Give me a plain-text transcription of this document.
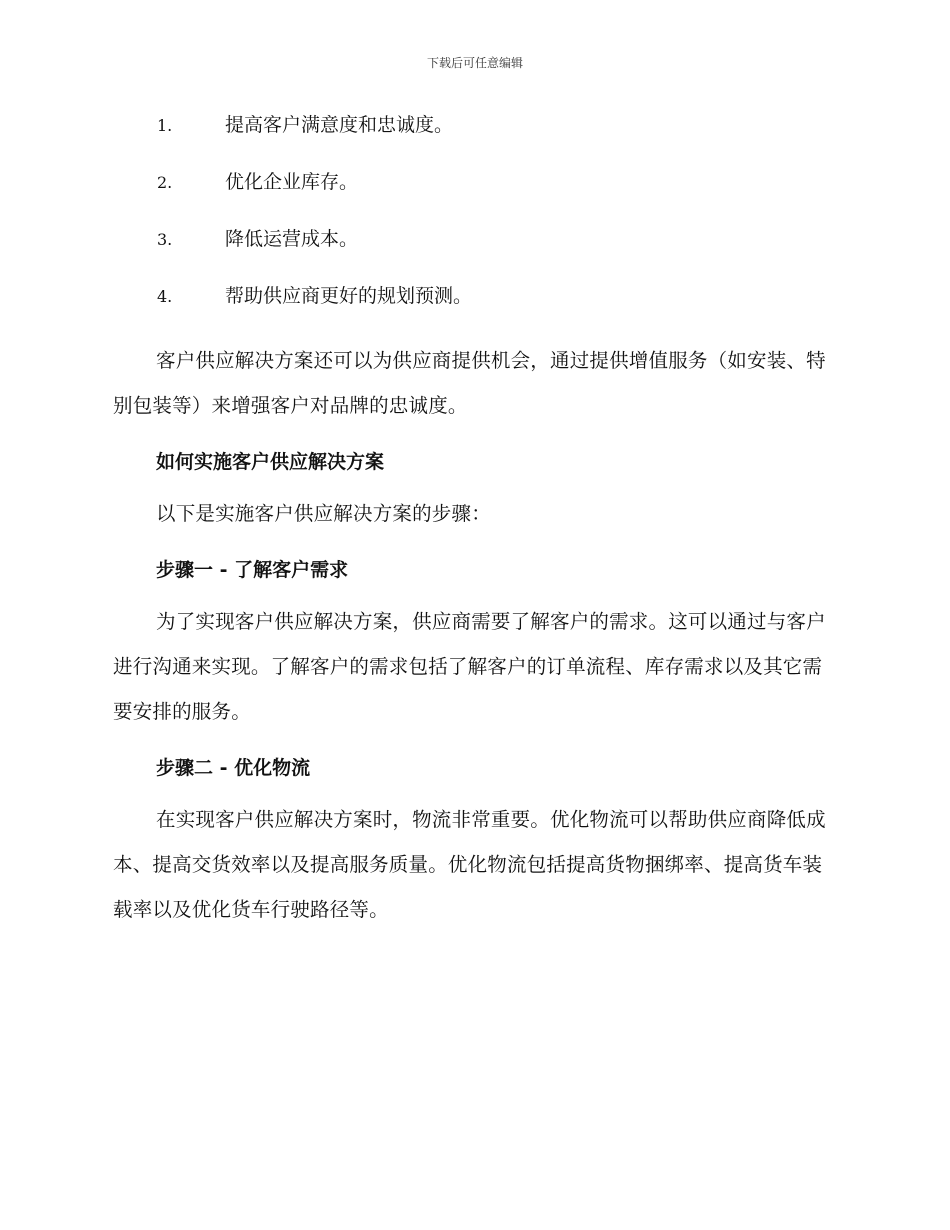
下载后可任意编辑
1.	提高客户满意度和忠诚度。
2.	优化企业库存。
3.	降低运营成本。
4.	帮助供应商更好的规划预测。

客户供应解决方案还可以为供应商提供机会，通过提供增值服务（如安装、特别包装等）来增强客户对品牌的忠诚度。

如何实施客户供应解决方案

以下是实施客户供应解决方案的步骤：

步骤一 - 了解客户需求

为了实现客户供应解决方案，供应商需要了解客户的需求。这可以通过与客户进行沟通来实现。了解客户的需求包括了解客户的订单流程、库存需求以及其它需要安排的服务。

步骤二 - 优化物流

在实现客户供应解决方案时，物流非常重要。优化物流可以帮助供应商降低成本、提高交货效率以及提高服务质量。优化物流包括提高货物捆绑率、提高货车装载率以及优化货车行驶路径等。
